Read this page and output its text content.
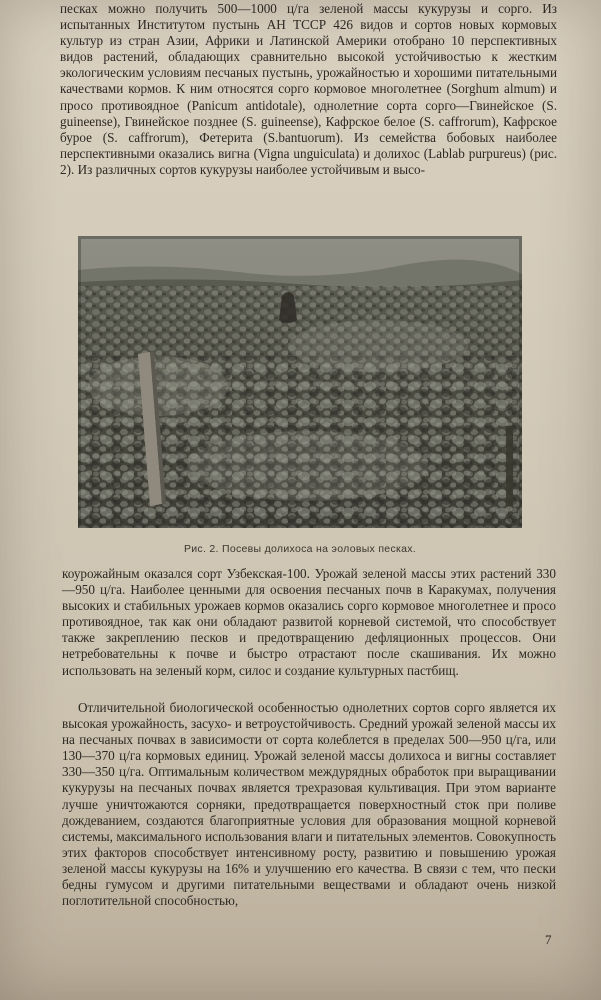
песках можно получить 500—1000 ц/га зеленой массы кукурузы и сорго. Из испытанных Институтом пустынь АН ТССР 426 видов и сортов новых кормовых культур из стран Азии, Африки и Латинской Америки отобрано 10 перспективных видов растений, обладающих сравнительно высокой устойчивостью к жестким экологическим условиям песчаных пустынь, урожайностью и хорошими питательными качествами кормов. К ним относятся сорго кормовое многолетнее (Sorghum almum) и просо противоядное (Panicum antidotale), однолетние сорта сорго—Гвинейское (S. guineense), Гвинейское позднее (S. guineense), Кафрское белое (S. caffrorum), Кафрское бурое (S. caffrorum), Фетерита (S.bantuorum). Из семейства бобовых наиболее перспективными оказались вигна (Vigna unguiculata) и долихос (Lablab purpureus) (рис. 2). Из различных сортов кукурузы наиболее устойчивым и высо-
Рис. 2. Посевы долихоса на эоловых песках.
коурожайным оказался сорт Узбекская-100. Урожай зеленой массы этих растений 330—950 ц/га. Наиболее ценными для освоения песчаных почв в Каракумах, получения высоких и стабильных урожаев кормов оказались сорго кормовое многолетнее и просо противоядное, так как они обладают развитой корневой системой, что способствует также закреплению песков и предотвращению дефляционных процессов. Они нетребовательны к почве и быстро отрастают после скашивания. Их можно использовать на зеленый корм, силос и создание культурных пастбищ.
Отличительной биологической особенностью однолетних сортов сорго является их высокая урожайность, засухо- и ветроустойчивость. Средний урожай зеленой массы их на песчаных почвах в зависимости от сорта колеблется в пределах 500—950 ц/га, или 130—370 ц/га кормовых единиц. Урожай зеленой массы долихоса и вигны составляет 330—350 ц/га. Оптимальным количеством междурядных обработок при выращивании кукурузы на песчаных почвах является трехразовая культивация. При этом варианте лучше уничтожаются сорняки, предотвращается поверхностный сток при поливе дождеванием, создаются благоприятные условия для образования мощной корневой системы, максимального использования влаги и питательных элементов. Совокупность этих факторов способствует интенсивному росту, развитию и повышению урожая зеленой массы кукурузы на 16% и улучшению его качества. В связи с тем, что пески бедны гумусом и другими питательными веществами и обладают очень низкой поглотительной способностью,
7
